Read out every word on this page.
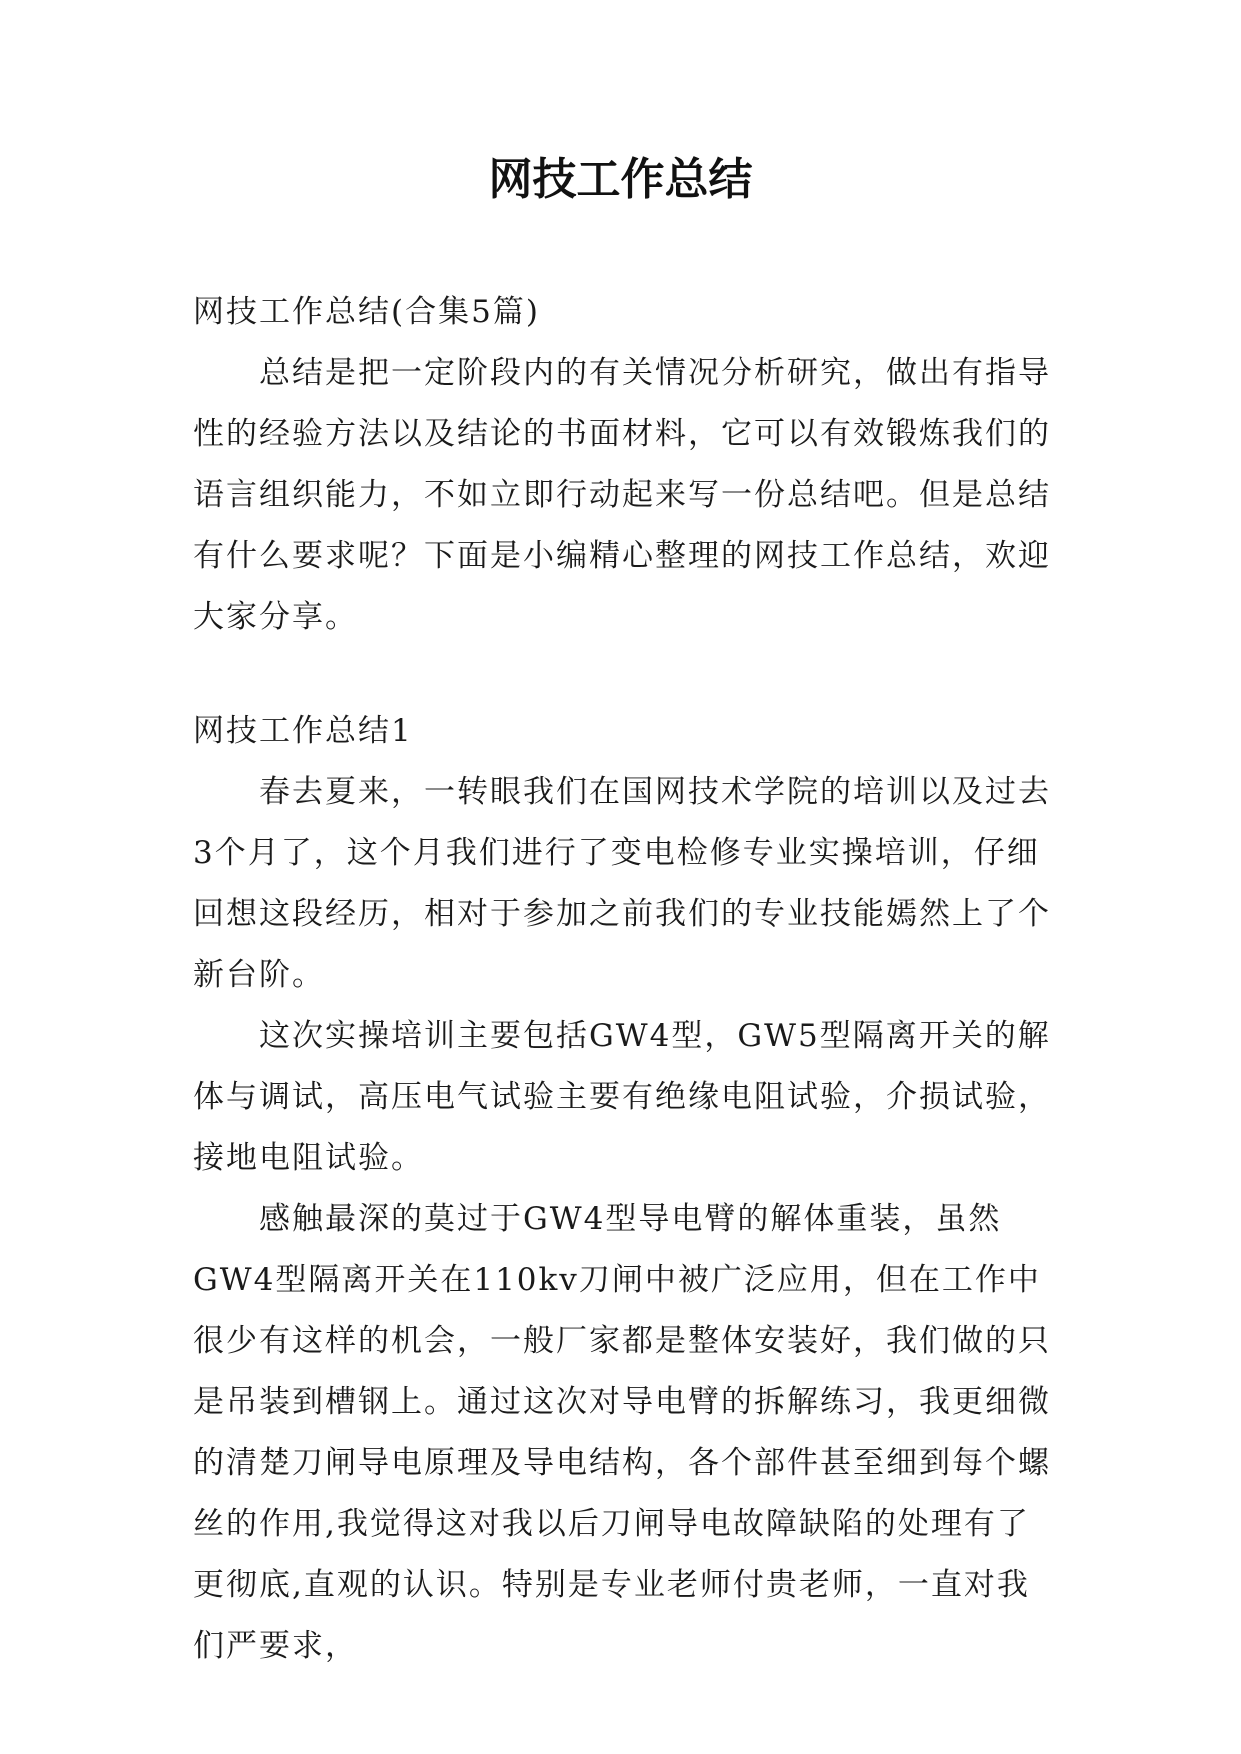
网技工作总结

网技工作总结(合集5篇)

总结是把一定阶段内的有关情况分析研究，做出有指导性的经验方法以及结论的书面材料，它可以有效锻炼我们的语言组织能力，不如立即行动起来写一份总结吧。但是总结有什么要求呢？下面是小编精心整理的网技工作总结，欢迎大家分享。

网技工作总结1

春去夏来，一转眼我们在国网技术学院的培训以及过去3个月了，这个月我们进行了变电检修专业实操培训，仔细回想这段经历，相对于参加之前我们的专业技能嫣然上了个新台阶。

这次实操培训主要包括GW4型，GW5型隔离开关的解体与调试，高压电气试验主要有绝缘电阻试验，介损试验，接地电阻试验。

感触最深的莫过于GW4型导电臂的解体重装，虽然GW4型隔离开关在110kv刀闸中被广泛应用，但在工作中很少有这样的机会，一般厂家都是整体安装好，我们做的只是吊装到槽钢上。通过这次对导电臂的拆解练习，我更细微的清楚刀闸导电原理及导电结构，各个部件甚至细到每个螺丝的作用,我觉得这对我以后刀闸导电故障缺陷的处理有了更彻底,直观的认识。特别是专业老师付贵老师，一直对我们严要求，
